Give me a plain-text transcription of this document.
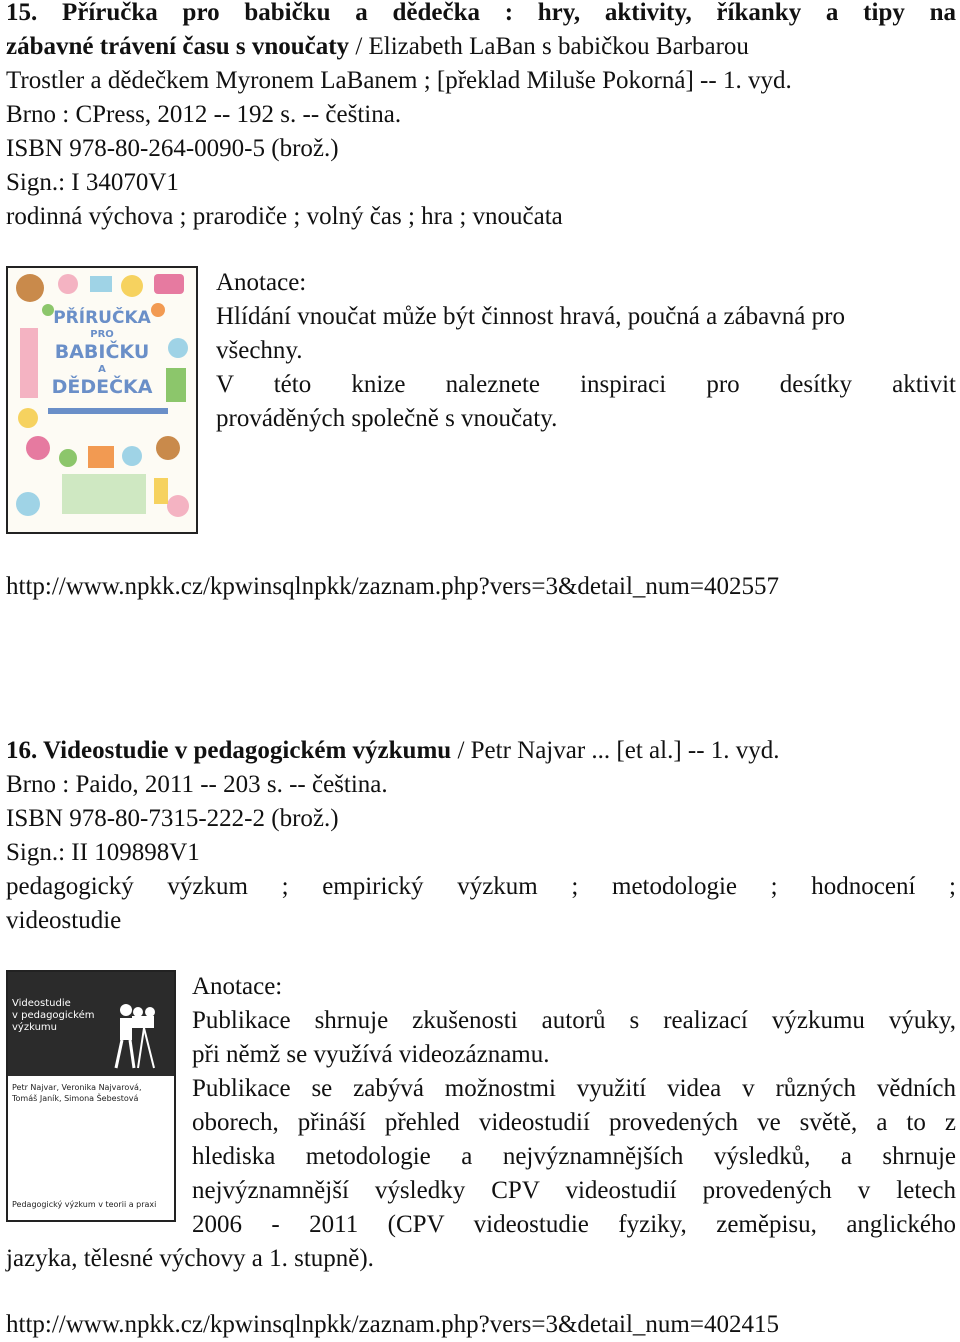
15. Příručka pro babičku a dědečka : hry, aktivity, říkanky a tipy na
zábavné trávení času s vnoučaty / Elizabeth LaBan s babičkou Barbarou
Trostler a dědečkem Myronem LaBanem ; [překlad Miluše Pokorná] -- 1. vyd.
Brno : CPress, 2012 -- 192 s. -- čeština.
ISBN 978-80-264-0090-5 (brož.)
Sign.: I 34070V1
rodinná výchova ; prarodiče ; volný čas ; hra ; vnoučata
PŘÍRUČKA
PRO
BABIČKU
A
DĚDEČKA
Anotace:
Hlídání vnoučat může být činnost hravá, poučná a zábavná pro
všechny.
V této knize naleznete inspiraci pro desítky aktivit
prováděných společně s vnoučaty.
http://www.npkk.cz/kpwinsqlnpkk/zaznam.php?vers=3&detail_num=402557
16. Videostudie v pedagogickém výzkumu / Petr Najvar ... [et al.] -- 1. vyd.
Brno : Paido, 2011 -- 203 s. -- čeština.
ISBN 978-80-7315-222-2 (brož.)
Sign.: II 109898V1
pedagogický výzkum ; empirický výzkum ; metodologie ; hodnocení ;
videostudie
Videostudie
v pedagogickém
výzkumu
Petr Najvar, Veronika Najvarová,
Tomáš Janík, Simona Šebestová
Pedagogický výzkum v teorii a praxi
Anotace:
Publikace shrnuje zkušenosti autorů s realizací výzkumu výuky,
při němž se využívá videozáznamu.
Publikace se zabývá možnostmi využití videa v různých vědních
oborech, přináší přehled videostudií provedených ve světě, a to z
hlediska metodologie a nejvýznamnějších výsledků, a shrnuje
nejvýznamnější výsledky CPV videostudií provedených v letech
2006 - 2011 (CPV videostudie fyziky, zeměpisu, anglického
jazyka, tělesné výchovy a 1. stupně).
http://www.npkk.cz/kpwinsqlnpkk/zaznam.php?vers=3&detail_num=402415
